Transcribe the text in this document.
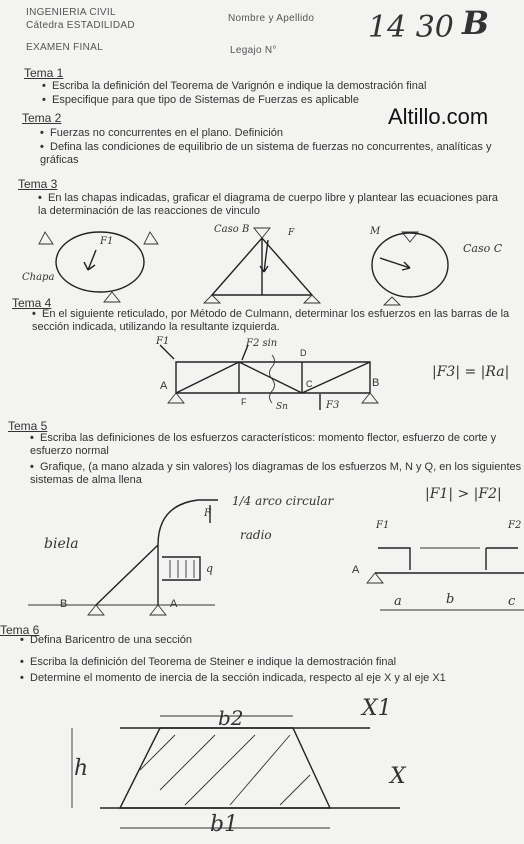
INGENIERIA CIVIL
Cátedra ESTADILIDAD
Nombre y Apellido
EXAMEN FINAL	Legajo N°
14 30 B
Altillo.com
Tema 1
• Escriba la definición del Teorema de Varignón e indique la demostración final
• Especifique para que tipo de Sistemas de Fuerzas es aplicable
Tema 2
• Fuerzas no concurrentes en el plano. Definición
• Defina las condiciones de equilibrio de un sistema de fuerzas no concurrentes, analíticas y gráficas
Tema 3
• En las chapas indicadas, graficar el diagrama de cuerpo libre y plantear las ecuaciones para la determinación de las reacciones de vinculo
Chapa
F1
Caso B	F	M
Caso C
Tema 4
• En el siguiente reticulado, por Método de Culmann, determinar los esfuerzos en las barras de la sección indicada, utilizando la resultante izquierda.
F1	F2 sin
A	B
C
D
F	Sn	F3
|F3| = |Ra|
Tema 5
• Escriba las definiciones de los esfuerzos característicos: momento flector, esfuerzo de corte y esfuerzo normal
• Grafique, (a mano alzada y sin valores) los diagramas de los esfuerzos M, N y Q, en los siguientes sistemas de alma llena
1/4 arco circular
F
radio
biela
q
B	A
|F1| > |F2|
F1	F2
A
a	b	c
Tema 6
• Defina Baricentro de una sección
• Escriba la definición del Teorema de Steiner e indique la demostración final
• Determine el momento de inercia de la sección indicada, respecto al eje X y al eje X1
b2	X1
h	X
b1
